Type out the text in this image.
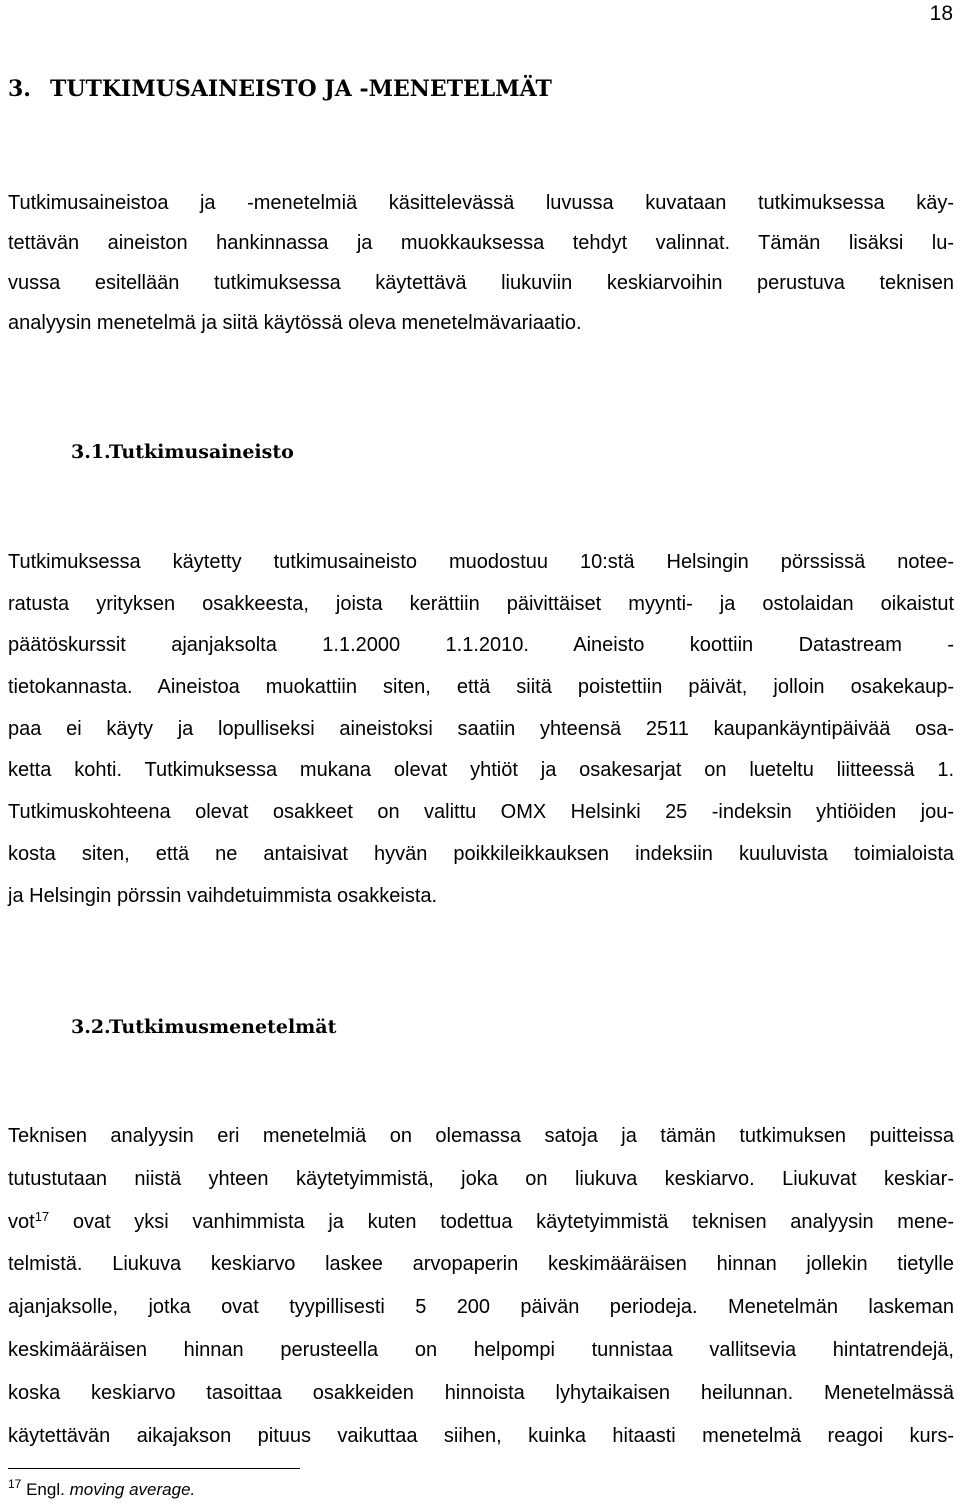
18
3. TUTKIMUSAINEISTO JA -MENETELMÄT
Tutkimusaineistoa ja -menetelmiä käsittelevässä luvussa kuvataan tutkimuksessa käy-
tettävän aineiston hankinnassa ja muokkauksessa tehdyt valinnat. Tämän lisäksi lu-
vussa esitellään tutkimuksessa käytettävä liukuviin keskiarvoihin perustuva teknisen
analyysin menetelmä ja siitä käytössä oleva menetelmävariaatio.
3.1.Tutkimusaineisto
Tutkimuksessa käytetty tutkimusaineisto muodostuu 10:stä Helsingin pörssissä notee-
ratusta yrityksen osakkeesta, joista kerättiin päivittäiset myynti- ja ostolaidan oikaistut
päätöskurssit ajanjaksolta 1.1.2000 1.1.2010. Aineisto koottiin Datastream -
tietokannasta. Aineistoa muokattiin siten, että siitä poistettiin päivät, jolloin osakekaup-
paa ei käyty ja lopulliseksi aineistoksi saatiin yhteensä 2511 kaupankäyntipäivää osa-
ketta kohti. Tutkimuksessa mukana olevat yhtiöt ja osakesarjat on lueteltu liitteessä 1.
Tutkimuskohteena olevat osakkeet on valittu OMX Helsinki 25 -indeksin yhtiöiden jou-
kosta siten, että ne antaisivat hyvän poikkileikkauksen indeksiin kuuluvista toimialoista
ja Helsingin pörssin vaihdetuimmista osakkeista.
3.2.Tutkimusmenetelmät
Teknisen analyysin eri menetelmiä on olemassa satoja ja tämän tutkimuksen puitteissa
tutustutaan niistä yhteen käytetyimmistä, joka on liukuva keskiarvo. Liukuvat keskiar-
vot$^{17}$ ovat yksi vanhimmista ja kuten todettua käytetyimmistä teknisen analyysin mene-
telmistä. Liukuva keskiarvo laskee arvopaperin keskimääräisen hinnan jollekin tietylle
ajanjaksolle, jotka ovat tyypillisesti 5 200 päivän periodeja. Menetelmän laskeman
keskimääräisen hinnan perusteella on helpompi tunnistaa vallitsevia hintatrendejä,
koska keskiarvo tasoittaa osakkeiden hinnoista lyhytaikaisen heilunnan. Menetelmässä
käytettävän aikajakson pituus vaikuttaa siihen, kuinka hitaasti menetelmä reagoi kurs-
$^{17}$ Engl. moving average.
